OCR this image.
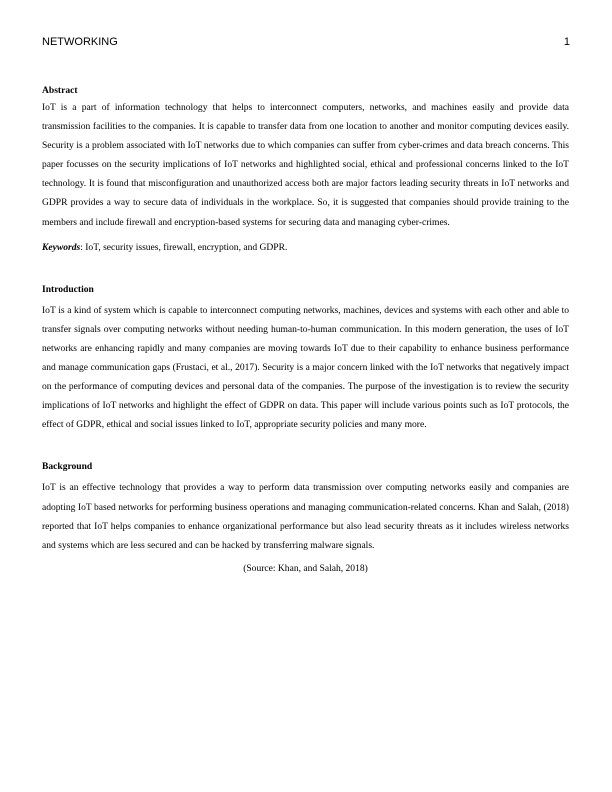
NETWORKING	1

Abstract

IoT is a part of information technology that helps to interconnect computers, networks, and machines easily and provide data transmission facilities to the companies. It is capable to transfer data from one location to another and monitor computing devices easily. Security is a problem associated with IoT networks due to which companies can suffer from cyber-crimes and data breach concerns. This paper focusses on the security implications of IoT networks and highlighted social, ethical and professional concerns linked to the IoT technology. It is found that misconfiguration and unauthorized access both are major factors leading security threats in IoT networks and GDPR provides a way to secure data of individuals in the workplace. So, it is suggested that companies should provide training to the members and include firewall and encryption-based systems for securing data and managing cyber-crimes.

Keywords: IoT, security issues, firewall, encryption, and GDPR.

Introduction

IoT is a kind of system which is capable to interconnect computing networks, machines, devices and systems with each other and able to transfer signals over computing networks without needing human-to-human communication. In this modern generation, the uses of IoT networks are enhancing rapidly and many companies are moving towards IoT due to their capability to enhance business performance and manage communication gaps (Frustaci, et al., 2017). Security is a major concern linked with the IoT networks that negatively impact on the performance of computing devices and personal data of the companies. The purpose of the investigation is to review the security implications of IoT networks and highlight the effect of GDPR on data. This paper will include various points such as IoT protocols, the effect of GDPR, ethical and social issues linked to IoT, appropriate security policies and many more.

Background

IoT is an effective technology that provides a way to perform data transmission over computing networks easily and companies are adopting IoT based networks for performing business operations and managing communication-related concerns. Khan and Salah, (2018) reported that IoT helps companies to enhance organizational performance but also lead security threats as it includes wireless networks and systems which are less secured and can be hacked by transferring malware signals.

(Source: Khan, and Salah, 2018)
